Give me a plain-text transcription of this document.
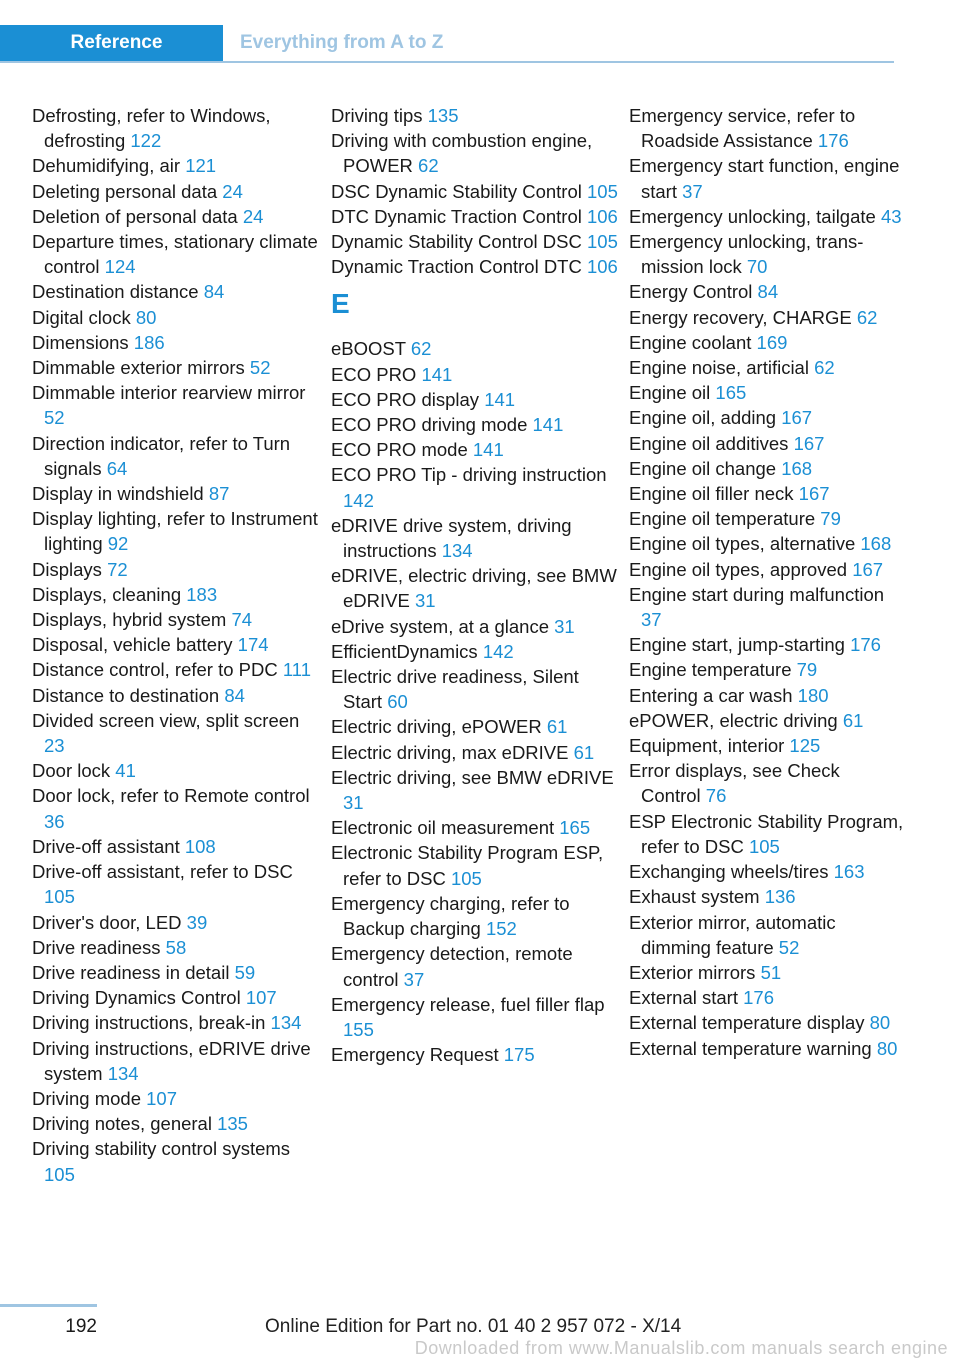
Reference	Everything from A to Z
Defrosting, refer to Windows, defrosting 122
Dehumidifying, air 121
Deleting personal data 24
Deletion of personal data 24
Departure times, stationary climate control 124
Destination distance 84
Digital clock 80
Dimensions 186
Dimmable exterior mirrors 52
Dimmable interior rearview mirror 52
Direction indicator, refer to Turn signals 64
Display in windshield 87
Display lighting, refer to Instrument lighting 92
Displays 72
Displays, cleaning 183
Displays, hybrid system 74
Disposal, vehicle battery 174
Distance control, refer to PDC 111
Distance to destination 84
Divided screen view, split screen 23
Door lock 41
Door lock, refer to Remote control 36
Drive-off assistant 108
Drive-off assistant, refer to DSC 105
Driver's door, LED 39
Drive readiness 58
Drive readiness in detail 59
Driving Dynamics Control 107
Driving instructions, break-in 134
Driving instructions, eDRIVE drive system 134
Driving mode 107
Driving notes, general 135
Driving stability control systems 105
Driving tips 135
Driving with combustion engine, POWER 62
DSC Dynamic Stability Control 105
DTC Dynamic Traction Control 106
Dynamic Stability Control DSC 105
Dynamic Traction Control DTC 106
E
eBOOST 62
ECO PRO 141
ECO PRO display 141
ECO PRO driving mode 141
ECO PRO mode 141
ECO PRO Tip - driving instruction 142
eDRIVE drive system, driving instructions 134
eDRIVE, electric driving, see BMW eDRIVE 31
eDrive system, at a glance 31
EfficientDynamics 142
Electric drive readiness, Silent Start 60
Electric driving, ePOWER 61
Electric driving, max eDRIVE 61
Electric driving, see BMW eDRIVE 31
Electronic oil measurement 165
Electronic Stability Program ESP, refer to DSC 105
Emergency charging, refer to Backup charging 152
Emergency detection, remote control 37
Emergency release, fuel filler flap 155
Emergency Request 175
Emergency service, refer to Roadside Assistance 176
Emergency start function, engine start 37
Emergency unlocking, tailgate 43
Emergency unlocking, transmission lock 70
Energy Control 84
Energy recovery, CHARGE 62
Engine coolant 169
Engine noise, artificial 62
Engine oil 165
Engine oil, adding 167
Engine oil additives 167
Engine oil change 168
Engine oil filler neck 167
Engine oil temperature 79
Engine oil types, alternative 168
Engine oil types, approved 167
Engine start during malfunction 37
Engine start, jump-starting 176
Engine temperature 79
Entering a car wash 180
ePOWER, electric driving 61
Equipment, interior 125
Error displays, see Check Control 76
ESP Electronic Stability Program, refer to DSC 105
Exchanging wheels/tires 163
Exhaust system 136
Exterior mirror, automatic dimming feature 52
Exterior mirrors 51
External start 176
External temperature display 80
External temperature warning 80
192	Online Edition for Part no. 01 40 2 957 072 - X/14
Downloaded from www.Manualslib.com manuals search engine
